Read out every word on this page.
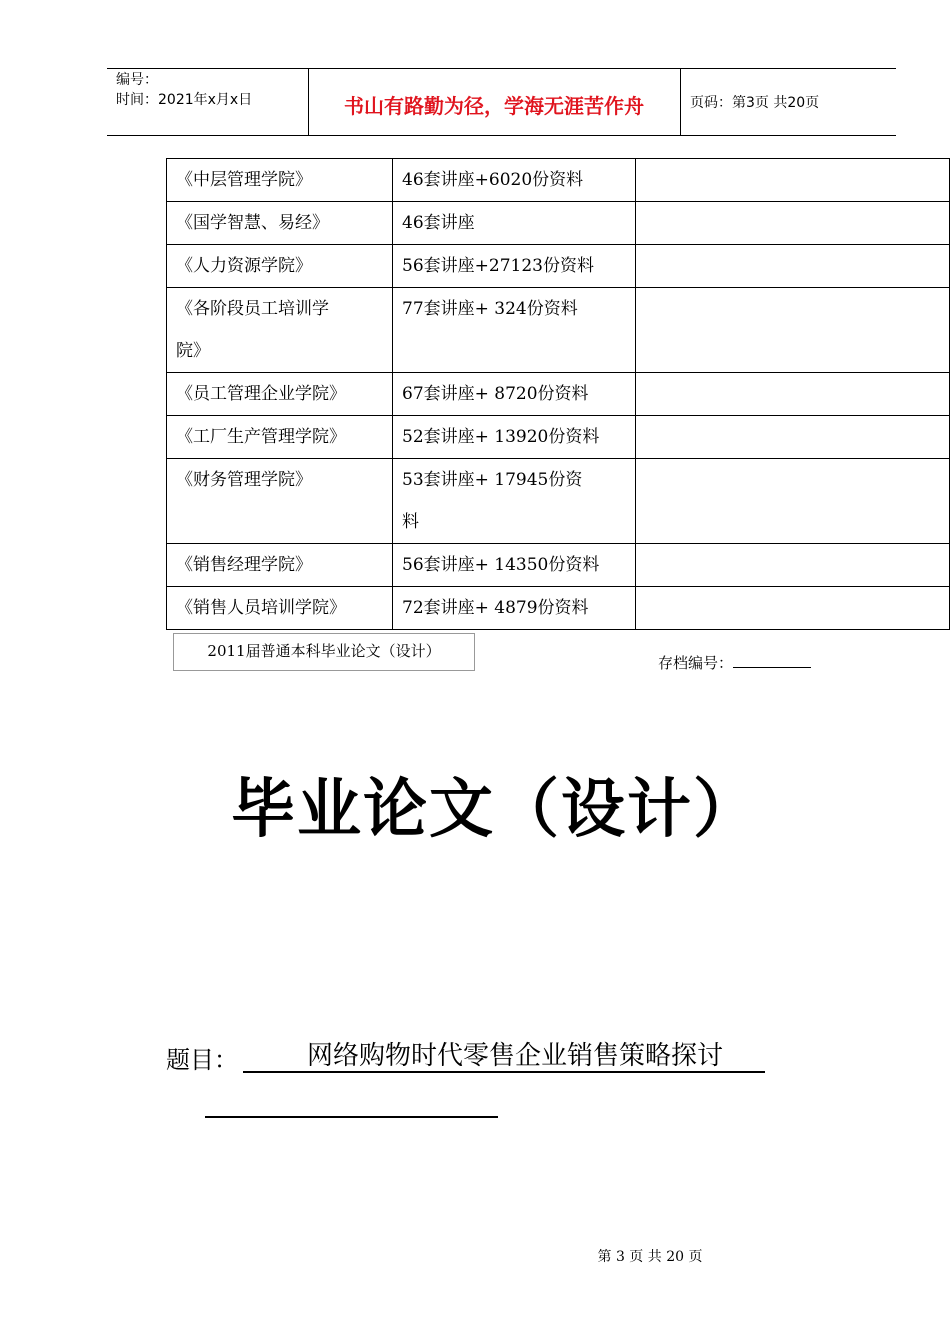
编号：
时间：2021年x月x日	书山有路勤为径，学海无涯苦作舟	页码：第3页 共20页
《中层管理学院》	46套讲座+6020份资料	
《国学智慧、易经》	46套讲座	
《人力资源学院》	56套讲座+27123份资料	
《各阶段员工培训学院》	77套讲座+ 324份资料	
《员工管理企业学院》	67套讲座+ 8720份资料	
《工厂生产管理学院》	52套讲座+ 13920份资料	
《财务管理学院》	53套讲座+ 17945份资料	
《销售经理学院》	56套讲座+ 14350份资料	
《销售人员培训学院》	72套讲座+ 4879份资料	
2011届普通本科毕业论文（设计）
存档编号：
毕业论文（设计）
题目：	网络购物时代零售企业销售策略探讨
第 3 页 共 20 页
